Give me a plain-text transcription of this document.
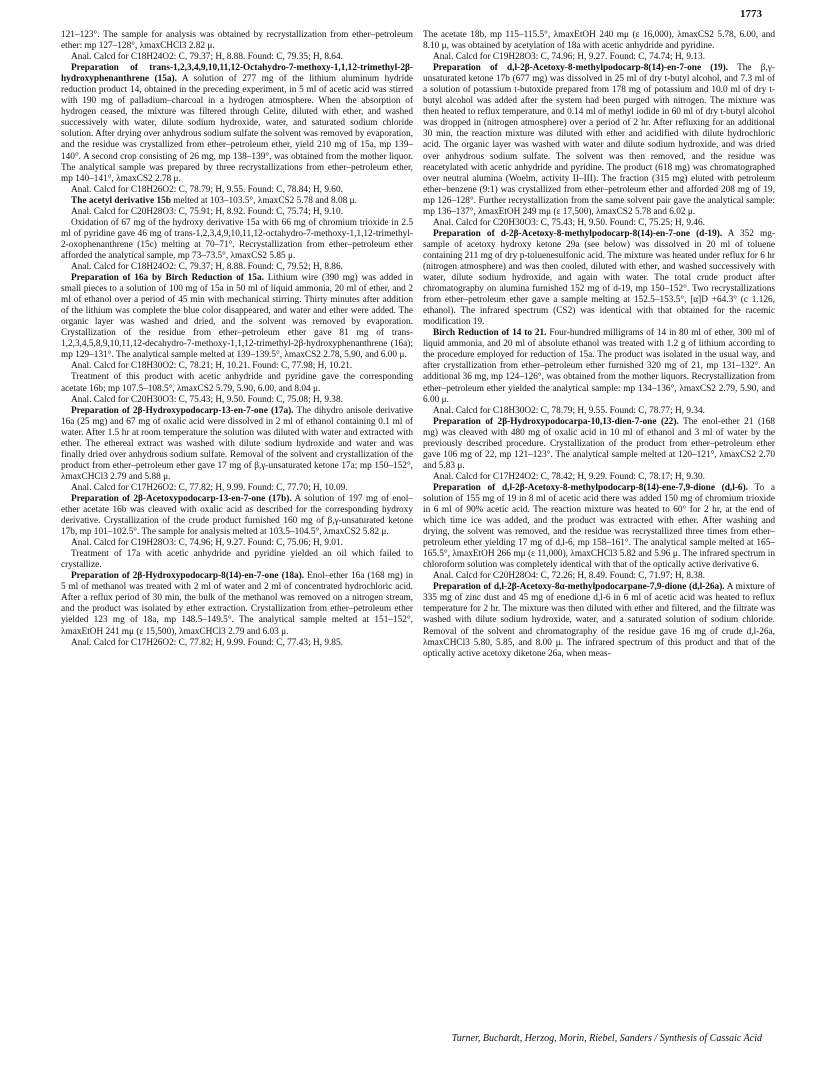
1773

121–123°. The sample for analysis was obtained by recrystallization from ether–petroleum ether: mp 127–128°, λmaxCHCl3 2.82 μ.

Anal. Calcd for C18H24O2: C, 79.37; H, 8.88. Found: C, 79.35; H, 8.64.

Preparation of trans-1,2,3,4,9,10,11,12-Octahydro-7-methoxy-1,1,12-trimethyl-2β-hydroxyphenanthrene (15a). A solution of 277 mg of the lithium aluminum hydride reduction product 14, obtained in the preceding experiment, in 5 ml of acetic acid was stirred with 190 mg of palladium–charcoal in a hydrogen atmosphere. When the absorption of hydrogen ceased, the mixture was filtered through Celite, diluted with ether, and washed successively with water, dilute sodium hydroxide, water, and saturated sodium chloride solution. After drying over anhydrous sodium sulfate the solvent was removed by evaporation, and the residue was crystallized from ether–petroleum ether, yield 210 mg of 15a, mp 139–140°. A second crop consisting of 26 mg, mp 138–139°, was obtained from the mother liquor. The analytical sample was prepared by three recrystallizations from ether–petroleum ether, mp 140–141°, λmaxCS2 2.78 μ.

Anal. Calcd for C18H26O2: C, 78.79; H, 9.55. Found: C, 78.84; H, 9.60.

The acetyl derivative 15b melted at 103–103.5°, λmaxCS2 5.78 and 8.08 μ.

Anal. Calcd for C20H28O3: C, 75.91; H, 8.92. Found: C, 75.74; H, 9.10.

Oxidation of 67 mg of the hydroxy derivative 15a with 66 mg of chromium trioxide in 2.5 ml of pyridine gave 46 mg of trans-1,2,3,4,9,10,11,12-octahydro-7-methoxy-1,1,12-trimethyl-2-oxophenanthrene (15c) melting at 70–71°. Recrystallization from ether–petroleum ether afforded the analytical sample, mp 73–73.5°, λmaxCS2 5.85 μ.

Anal. Calcd for C18H24O2: C, 79.37; H, 8.88. Found: C, 79.52; H, 8.86.

Preparation of 16a by Birch Reduction of 15a. Lithium wire (390 mg) was added in small pieces to a solution of 100 mg of 15a in 50 ml of liquid ammonia, 20 ml of ether, and 2 ml of ethanol over a period of 45 min with mechanical stirring. Thirty minutes after addition of the lithium was complete the blue color disappeared, and water and ether were added. The organic layer was washed and dried, and the solvent was removed by evaporation. Crystallization of the residue from ether–petroleum ether gave 81 mg of trans-1,2,3,4,5,8,9,10,11,12-decahydro-7-methoxy-1,1,12-trimethyl-2β-hydroxyphenanthrene (16a); mp 129–131°. The analytical sample melted at 139–139.5°, λmaxCS2 2.78, 5.90, and 6.00 μ.

Anal. Calcd for C18H30O2: C, 78.21; H, 10.21. Found: C, 77.98; H, 10.21.

Treatment of this product with acetic anhydride and pyridine gave the corresponding acetate 16b; mp 107.5–108.5°, λmaxCS2 5.79, 5.90, 6.00, and 8.04 μ.

Anal. Calcd for C20H30O3: C, 75.43; H, 9.50. Found: C, 75.08; H, 9.38.

Preparation of 2β-Hydroxypodocarp-13-en-7-one (17a). The dihydro anisole derivative 16a (25 mg) and 67 mg of oxalic acid were dissolved in 2 ml of ethanol containing 0.1 ml of water. After 1.5 hr at room temperature the solution was diluted with water and extracted with ether. The ethereal extract was washed with dilute sodium hydroxide and water and was finally dried over anhydrous sodium sulfate. Removal of the solvent and crystallization of the product from ether–petroleum ether gave 17 mg of β,γ-unsaturated ketone 17a; mp 150–152°, λmaxCHCl3 2.79 and 5.88 μ.

Anal. Calcd for C17H26O2: C, 77.82; H, 9.99. Found: C, 77.70; H, 10.09.

Preparation of 2β-Acetoxypodocarp-13-en-7-one (17b). A solution of 197 mg of enol–ether acetate 16b was cleaved with oxalic acid as described for the corresponding hydroxy derivative. Crystallization of the crude product furnished 160 mg of β,γ-unsaturated ketone 17b, mp 101–102.5°. The sample for analysis melted at 103.5–104.5°, λmaxCS2 5.82 μ.

Anal. Calcd for C19H28O3: C, 74.96; H, 9.27. Found: C, 75.06; H, 9.01.

Treatment of 17a with acetic anhydride and pyridine yielded an oil which failed to crystallize.

Preparation of 2β-Hydroxypodocarp-8(14)-en-7-one (18a). Enol–ether 16a (168 mg) in 5 ml of methanol was treated with 2 ml of water and 2 ml of concentrated hydrochloric acid. After a reflux period of 30 min, the bulk of the methanol was removed on a nitrogen stream, and the product was isolated by ether extraction. Crystallization from ether–petroleum ether yielded 123 mg of 18a, mp 148.5–149.5°. The analytical sample melted at 151–152°, λmaxEtOH 241 mμ (ε 15,500), λmaxCHCl3 2.79 and 6.03 μ.

Anal. Calcd for C17H26O2: C, 77.82; H, 9.99. Found: C, 77.43; H, 9.85.

The acetate 18b, mp 115–115.5°, λmaxEtOH 240 mμ (ε 16,000), λmaxCS2 5.78, 6.00, and 8.10 μ, was obtained by acetylation of 18a with acetic anhydride and pyridine.

Anal. Calcd for C19H28O3: C, 74.96; H, 9.27. Found: C, 74.74; H, 9.13.

Preparation of d,l-2β-Acetoxy-8-methylpodocarp-8(14)-en-7-one (19). The β,γ-unsaturated ketone 17b (677 mg) was dissolved in 25 ml of dry t-butyl alcohol, and 7.3 ml of a solution of potassium t-butoxide prepared from 178 mg of potassium and 10.0 ml of dry t-butyl alcohol was added after the system had been purged with nitrogen. The mixture was then heated to reflux temperature, and 0.14 ml of methyl iodide in 60 ml of dry t-butyl alcohol was dropped in (nitrogen atmosphere) over a period of 2 hr. After refluxing for an additional 30 min, the reaction mixture was diluted with ether and acidified with dilute hydrochloric acid. The organic layer was washed with water and dilute sodium hydroxide, and was dried over anhydrous sodium sulfate. The solvent was then removed, and the residue was reacetylated with acetic anhydride and pyridine. The product (618 mg) was chromatographed over neutral alumina (Woelm, activity II–III). The fraction (315 mg) eluted with petroleum ether–benzene (9:1) was crystallized from ether–petroleum ether and afforded 208 mg of 19, mp 126–128°. Further recrystallization from the same solvent pair gave the analytical sample: mp 136–137°, λmaxEtOH 249 mμ (ε 17,500), λmaxCS2 5.78 and 6.02 μ.

Anal. Calcd for C20H30O3: C, 75.43; H, 9.50. Found: C, 75.25; H, 9.46.

Preparation of d-2β-Acetoxy-8-methylpodocarp-8(14)-en-7-one (d-19). A 352 mg-sample of acetoxy hydroxy ketone 29a (see below) was dissolved in 20 ml of toluene containing 211 mg of dry p-toluenesulfonic acid. The mixture was heated under reflux for 6 hr (nitrogen atmosphere) and was then cooled, diluted with ether, and washed successively with water, dilute sodium hydroxide, and again with water. The total crude product after chromatography on alumina furnished 152 mg of d-19, mp 150–152°. Two recrystallizations from ether–petroleum ether gave a sample melting at 152.5–153.5°, [α]D +64.3° (c 1.126, ethanol). The infrared spectrum (CS2) was identical with that obtained for the racemic modification 19.

Birch Reduction of 14 to 21. Four-hundred milligrams of 14 in 80 ml of ether, 300 ml of liquid ammonia, and 20 ml of absolute ethanol was treated with 1.2 g of lithium according to the procedure employed for reduction of 15a. The product was isolated in the usual way, and after crystallization from ether–petroleum ether furnished 320 mg of 21, mp 131–132°. An additional 36 mg, mp 124–126°, was obtained from the mother liquors. Recrystallization from ether–petroleum ether yielded the analytical sample: mp 134–136°, λmaxCS2 2.79, 5.90, and 6.00 μ.

Anal. Calcd for C18H30O2: C, 78.79; H, 9.55. Found: C, 78.77; H, 9.34.

Preparation of 2β-Hydroxypodocarpa-10,13-dien-7-one (22). The enol-ether 21 (168 mg) was cleaved with 480 mg of oxalic acid in 10 ml of ethanol and 3 ml of water by the previously described procedure. Crystallization of the product from ether–petroleum ether gave 106 mg of 22, mp 121–123°. The analytical sample melted at 120–121°, λmaxCS2 2.70 and 5.83 μ.

Anal. Calcd for C17H24O2: C, 78.42; H, 9.29. Found: C, 78.17; H, 9.30.

Preparation of d,l-2β-Acetoxy-8-methylpodocarp-8(14)-ene-7,9-dione (d,l-6). To a solution of 155 mg of 19 in 8 ml of acetic acid there was added 150 mg of chromium trioxide in 6 ml of 90% acetic acid. The reaction mixture was heated to 60° for 2 hr, at the end of which time ice was added, and the product was extracted with ether. After washing and drying, the solvent was removed, and the residue was recrystallized three times from ether–petroleum ether yielding 17 mg of d,l-6, mp 158–161°. The analytical sample melted at 165–165.5°, λmaxEtOH 266 mμ (ε 11,000), λmaxCHCl3 5.82 and 5.96 μ. The infrared spectrum in chloroform solution was completely identical with that of the optically active derivative 6.

Anal. Calcd for C20H28O4: C, 72.26; H, 8.49. Found: C, 71.97; H, 8.38.

Preparation of d,l-2β-Acetoxy-8α-methylpodocarpane-7,9-dione (d,l-26a). A mixture of 335 mg of zinc dust and 45 mg of enedione d,l-6 in 6 ml of acetic acid was heated to reflux temperature for 2 hr. The mixture was then diluted with ether and filtered, and the filtrate was washed with dilute sodium hydroxide, water, and a saturated solution of sodium chloride. Removal of the solvent and chromatography of the residue gave 16 mg of crude d,l-26a, λmaxCHCl3 5.80, 5.85, and 8.00 μ. The infrared spectrum of this product and that of the optically active acetoxy diketone 26a, when meas-

Turner, Buchardt, Herzog, Morin, Riebel, Sanders / Synthesis of Cassaic Acid
